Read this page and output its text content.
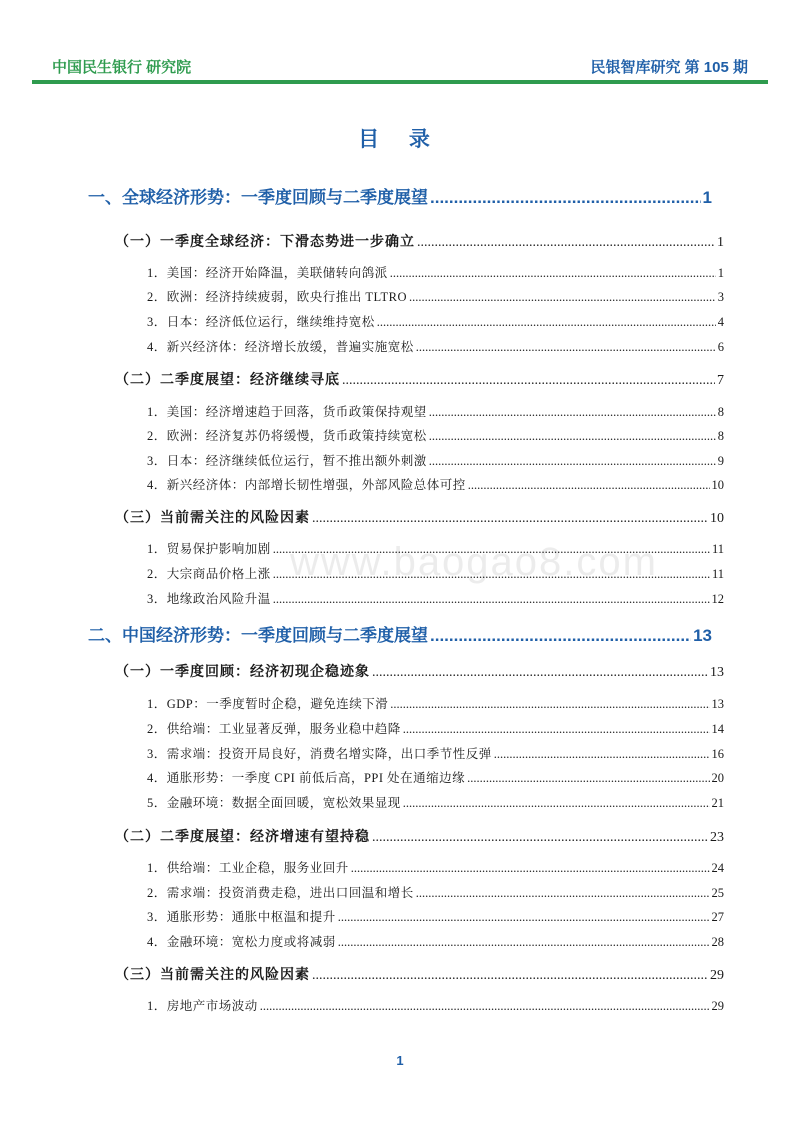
中国民生银行 研究院	民银智库研究 第 105 期
目 录
www.baogao8.com
一、全球经济形势：一季度回顾与二季度展望 .....	1
（一）一季度全球经济：下滑态势进一步确立 .....	1
1．美国：经济开始降温，美联储转向鸽派 .....	1
2．欧洲：经济持续疲弱，欧央行推出 TLTRO .....	3
3．日本：经济低位运行，继续维持宽松 .....	4
4．新兴经济体：经济增长放缓，普遍实施宽松 .....	6
（二）二季度展望：经济继续寻底 .....	7
1．美国：经济增速趋于回落，货币政策保持观望 .....	8
2．欧洲：经济复苏仍将缓慢，货币政策持续宽松 .....	8
3．日本：经济继续低位运行，暂不推出额外刺激 .....	9
4．新兴经济体：内部增长韧性增强，外部风险总体可控 .....	10
（三）当前需关注的风险因素 .....	10
1．贸易保护影响加剧 .....	11
2．大宗商品价格上涨 .....	11
3．地缘政治风险升温 .....	12
二、中国经济形势：一季度回顾与二季度展望 .....	13
（一）一季度回顾：经济初现企稳迹象 .....	13
1．GDP：一季度暂时企稳，避免连续下滑 .....	13
2．供给端：工业显著反弹，服务业稳中趋降 .....	14
3．需求端：投资开局良好，消费名增实降，出口季节性反弹 .....	16
4．通胀形势：一季度 CPI 前低后高，PPI 处在通缩边缘 .....	20
5．金融环境：数据全面回暖，宽松效果显现 .....	21
（二）二季度展望：经济增速有望持稳 .....	23
1．供给端：工业企稳，服务业回升 .....	24
2．需求端：投资消费走稳，进出口回温和增长 .....	25
3．通胀形势：通胀中枢温和提升 .....	27
4．金融环境：宽松力度或将减弱 .....	28
（三）当前需关注的风险因素 .....	29
1．房地产市场波动 .....	29
1
